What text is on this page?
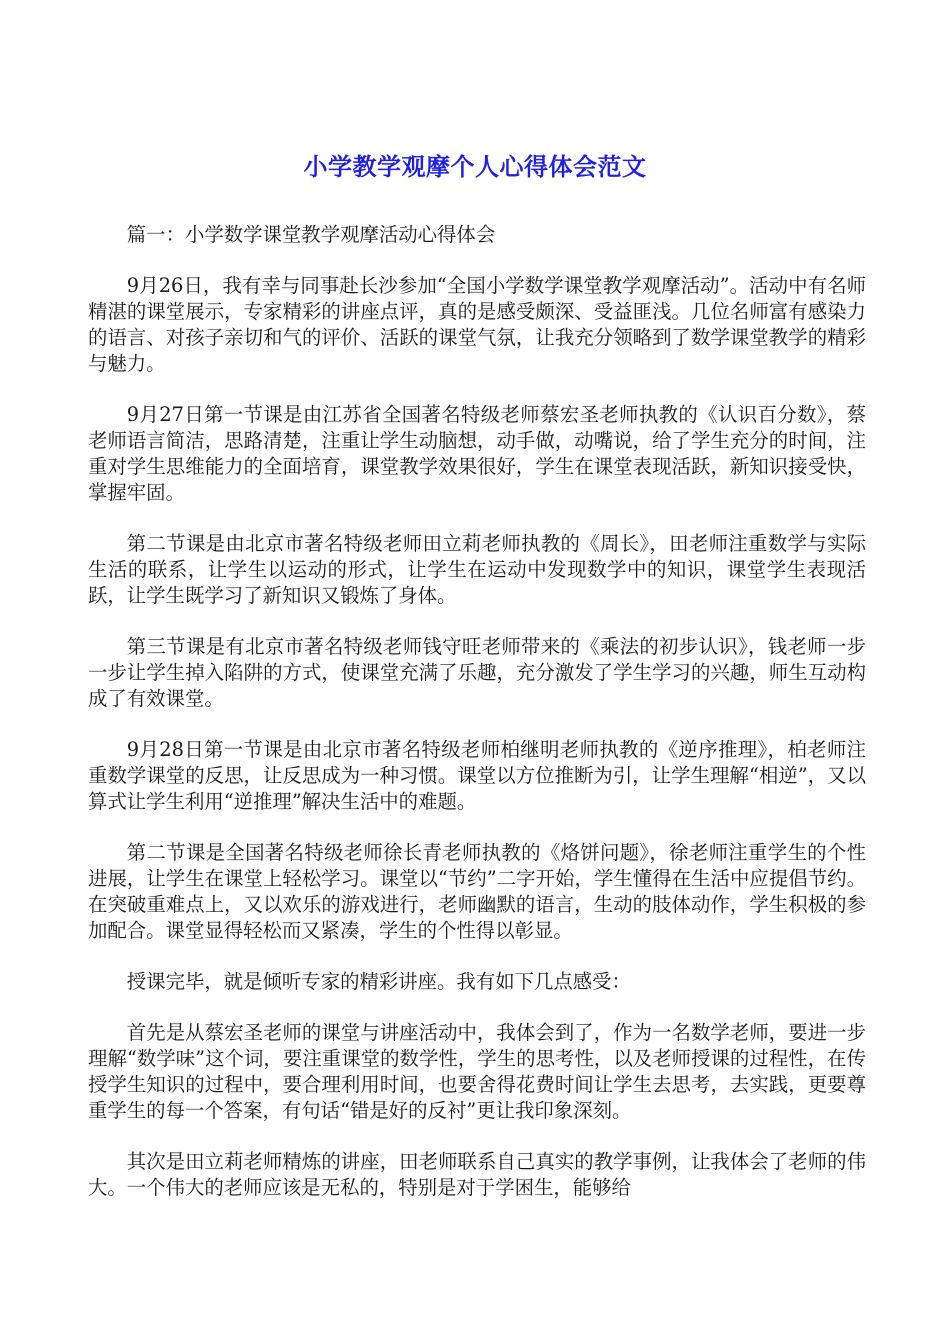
小学教学观摩个人心得体会范文

篇一：小学数学课堂教学观摩活动心得体会

9月26日，我有幸与同事赴长沙参加“全国小学数学课堂教学观摩活动”。活动中有名师精湛的课堂展示，专家精彩的讲座点评，真的是感受颇深、受益匪浅。几位名师富有感染力的语言、对孩子亲切和气的评价、活跃的课堂气氛，让我充分领略到了数学课堂教学的精彩与魅力。

9月27日第一节课是由江苏省全国著名特级老师蔡宏圣老师执教的《认识百分数》，蔡老师语言简洁，思路清楚，注重让学生动脑想，动手做，动嘴说，给了学生充分的时间，注重对学生思维能力的全面培育，课堂教学效果很好，学生在课堂表现活跃，新知识接受快，掌握牢固。

第二节课是由北京市著名特级老师田立莉老师执教的《周长》，田老师注重数学与实际生活的联系，让学生以运动的形式，让学生在运动中发现数学中的知识，课堂学生表现活跃，让学生既学习了新知识又锻炼了身体。

第三节课是有北京市著名特级老师钱守旺老师带来的《乘法的初步认识》，钱老师一步一步让学生掉入陷阱的方式，使课堂充满了乐趣，充分激发了学生学习的兴趣，师生互动构成了有效课堂。

9月28日第一节课是由北京市著名特级老师柏继明老师执教的《逆序推理》，柏老师注重数学课堂的反思，让反思成为一种习惯。课堂以方位推断为引，让学生理解“相逆”，又以算式让学生利用“逆推理”解决生活中的难题。

第二节课是全国著名特级老师徐长青老师执教的《烙饼问题》，徐老师注重学生的个性进展，让学生在课堂上轻松学习。课堂以“节约”二字开始，学生懂得在生活中应提倡节约。在突破重难点上，又以欢乐的游戏进行，老师幽默的语言，生动的肢体动作，学生积极的参加配合。课堂显得轻松而又紧凑，学生的个性得以彰显。

授课完毕，就是倾听专家的精彩讲座。我有如下几点感受：

首先是从蔡宏圣老师的课堂与讲座活动中，我体会到了，作为一名数学老师，要进一步理解“数学味”这个词，要注重课堂的数学性，学生的思考性，以及老师授课的过程性，在传授学生知识的过程中，要合理利用时间，也要舍得花费时间让学生去思考，去实践，更要尊重学生的每一个答案，有句话“错是好的反衬”更让我印象深刻。

其次是田立莉老师精炼的讲座，田老师联系自己真实的教学事例，让我体会了老师的伟大。一个伟大的老师应该是无私的，特别是对于学困生，能够给
